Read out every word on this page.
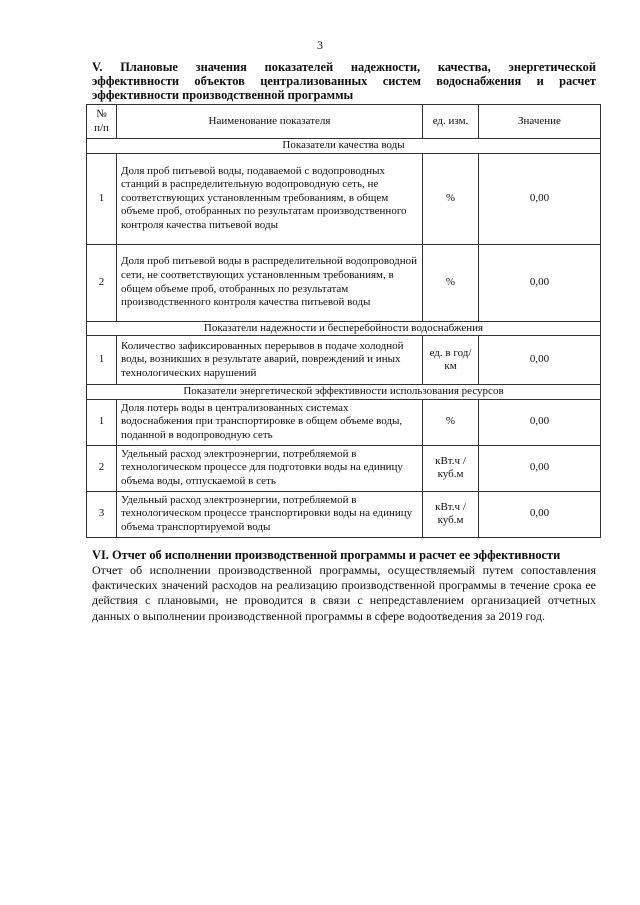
3
V. Плановые значения показателей надежности, качества, энергетической эффективности объектов централизованных систем водоснабжения и расчет эффективности производственной программы
№ п/п	Наименование показателя	ед. изм.	Значение
Показатели качества воды			
1	Доля проб питьевой воды, подаваемой с водопроводных станций в распределительную водопроводную сеть, не соответствующих установленным требованиям, в общем объеме проб, отобранных по результатам производственного контроля качества питьевой воды	%	0,00
2	Доля проб питьевой воды в распределительной водопроводной сети, не соответствующих установленным требованиям, в общем объеме проб, отобранных по результатам производственного контроля качества питьевой воды	%	0,00
Показатели надежности и бесперебойности водоснабжения			
1	Количество зафиксированных перерывов в подаче холодной воды, возникших в результате аварий, повреждений и иных технологических нарушений	ед. в год/ км	0,00
Показатели энергетической эффективности использования ресурсов			
1	Доля потерь воды в централизованных системах водоснабжения при транспортировке в общем объеме воды, поданной в водопроводную сеть	%	0,00
2	Удельный расход электроэнергии, потребляемой в технологическом процессе для подготовки воды на единицу объема воды, отпускаемой в сеть	кВт.ч / куб.м	0,00
3	Удельный расход электроэнергии, потребляемой в технологическом процессе транспортировки воды на единицу объема транспортируемой воды	кВт.ч / куб.м	0,00
VI. Отчет об исполнении производственной программы и расчет ее эффективности

Отчет об исполнении производственной программы, осуществляемый путем сопоставления фактических значений расходов на реализацию производственной программы в течение срока ее действия с плановыми, не проводится в связи с непредставлением организацией отчетных данных о выполнении производственной программы в сфере водоотведения за 2019 год.
